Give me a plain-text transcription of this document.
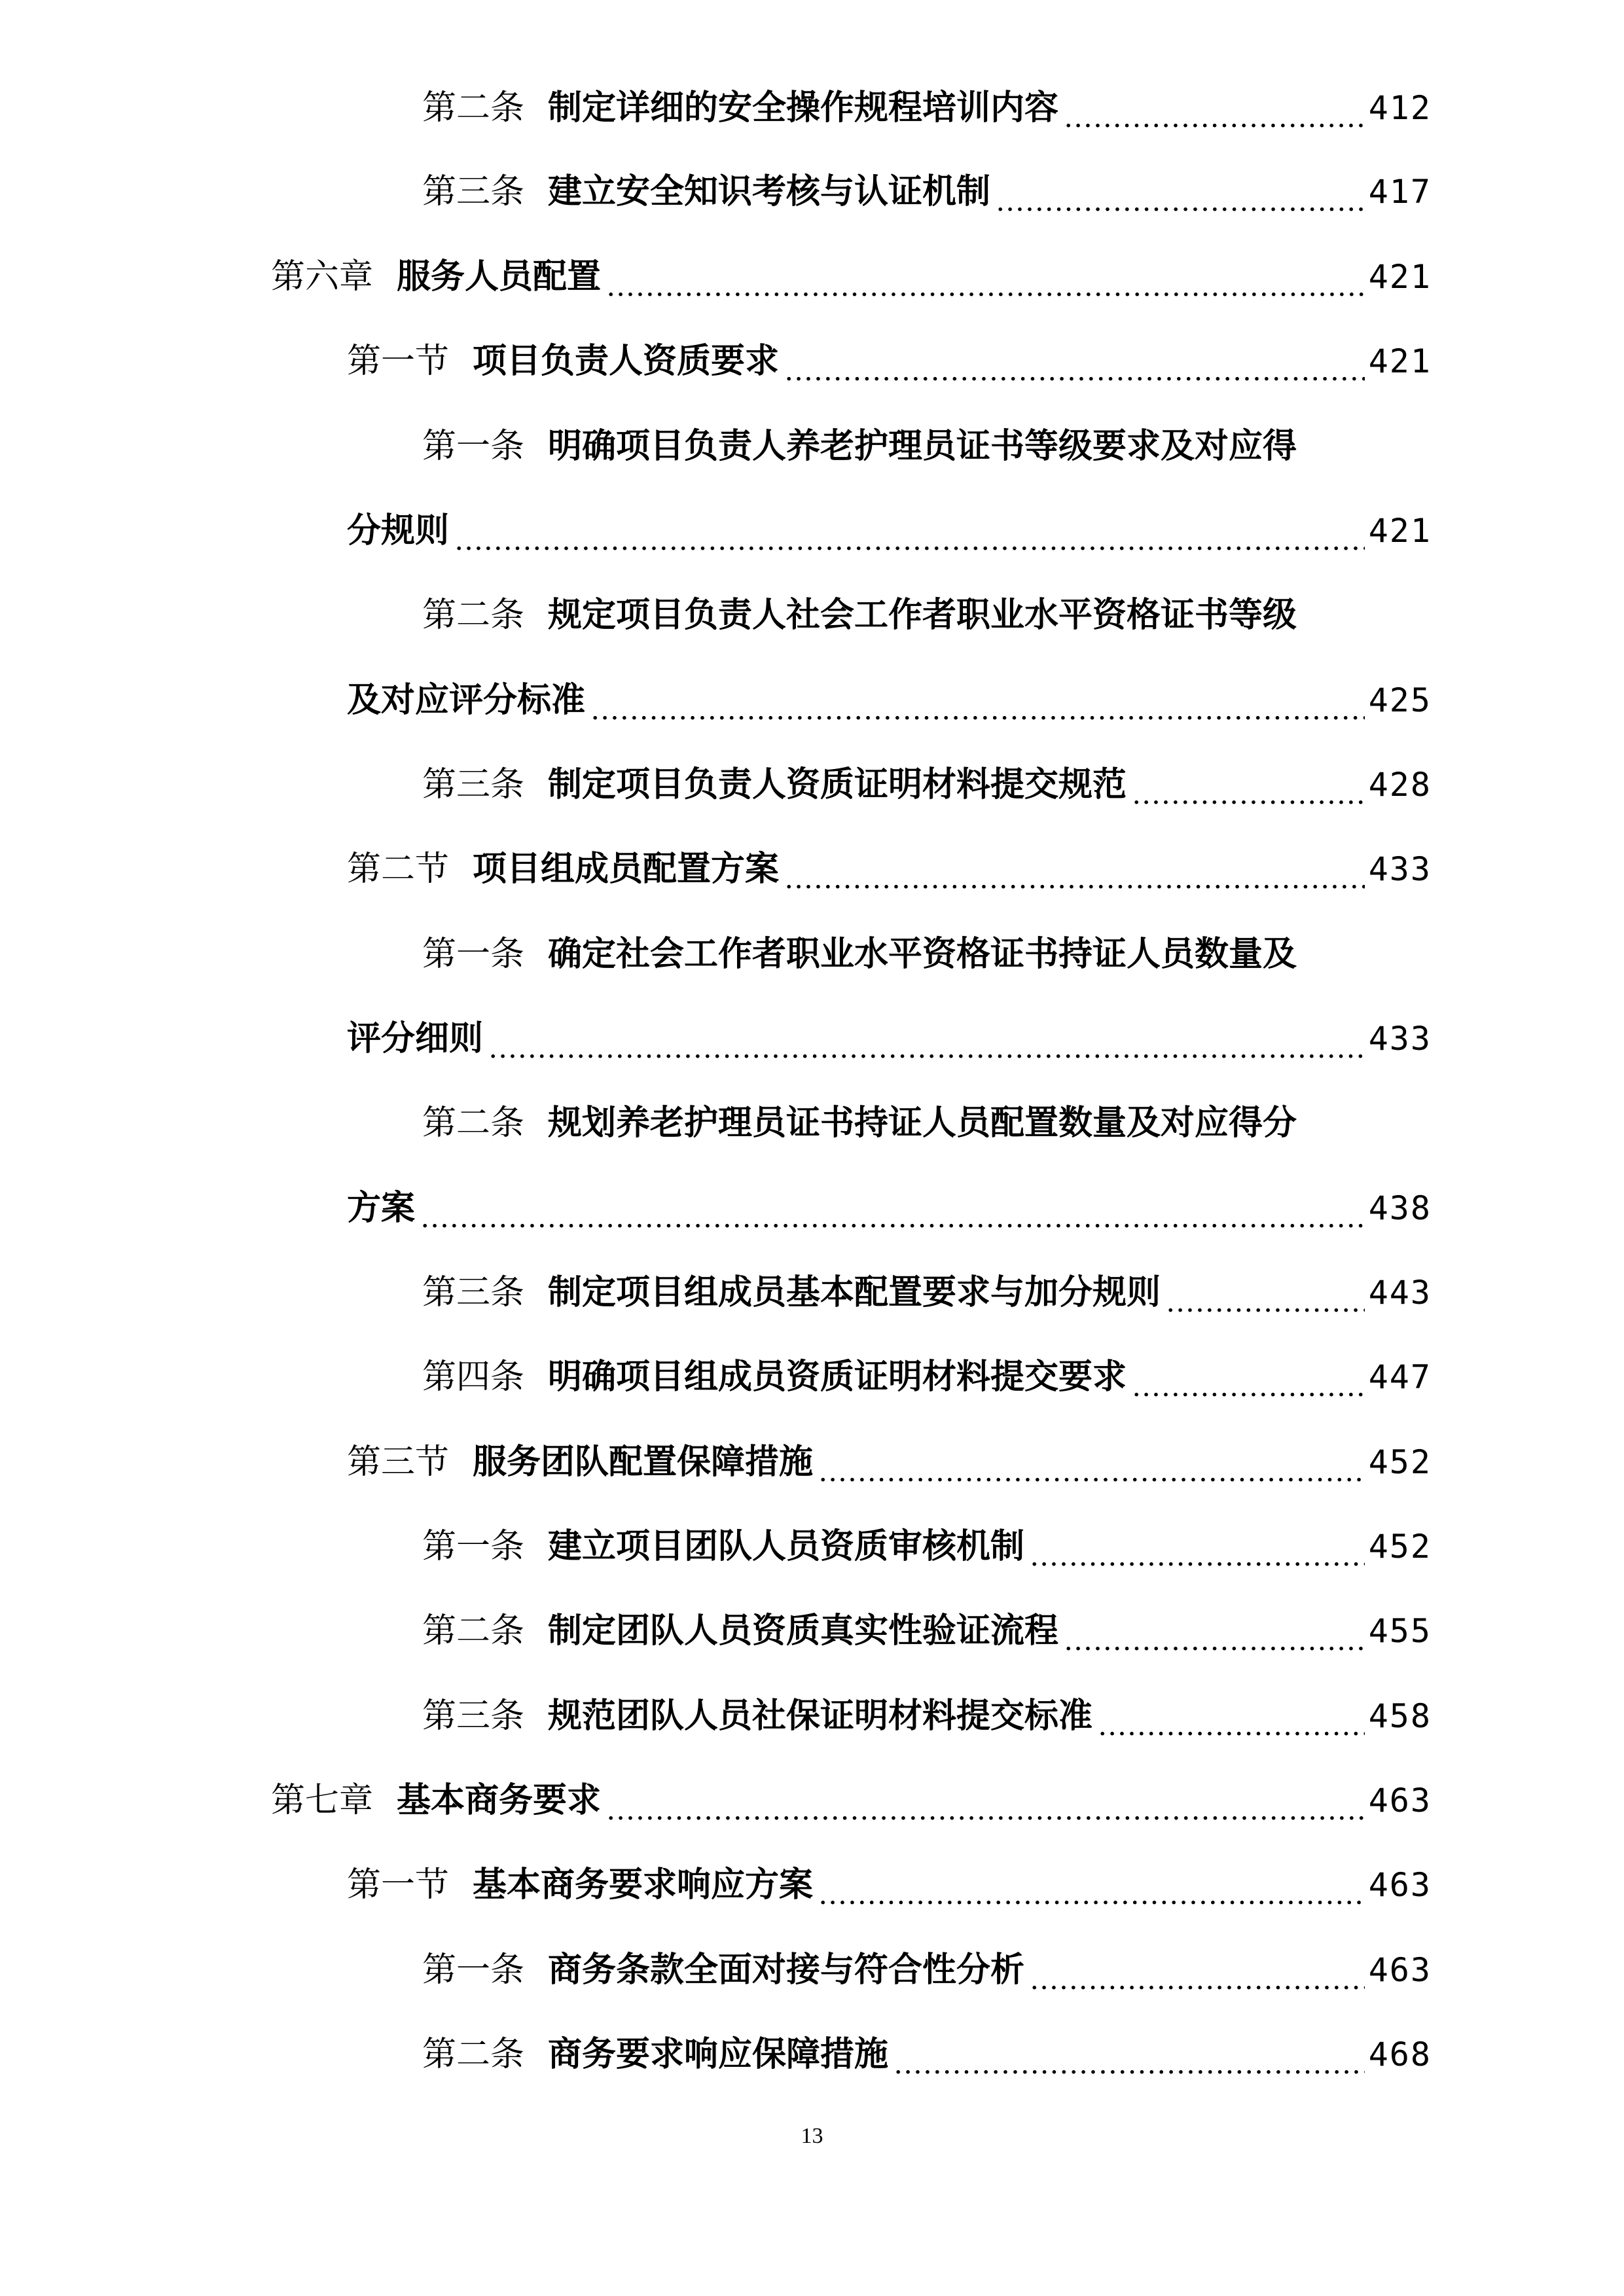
第二条 制定详细的安全操作规程培训内容 . . .	412
第三条 建立安全知识考核与认证机制 . . .	417
第六章 服务人员配置 . . .	421
第一节 项目负责人资质要求 . . .	421
第一条 明确项目负责人养老护理员证书等级要求及对应得
分规则 . . .	421
第二条 规定项目负责人社会工作者职业水平资格证书等级
及对应评分标准 . . .	425
第三条 制定项目负责人资质证明材料提交规范 . . .	428
第二节 项目组成员配置方案 . . .	433
第一条 确定社会工作者职业水平资格证书持证人员数量及
评分细则 . . .	433
第二条 规划养老护理员证书持证人员配置数量及对应得分
方案 . . .	438
第三条 制定项目组成员基本配置要求与加分规则 . . .	443
第四条 明确项目组成员资质证明材料提交要求 . . .	447
第三节 服务团队配置保障措施 . . .	452
第一条 建立项目团队人员资质审核机制 . . .	452
第二条 制定团队人员资质真实性验证流程 . . .	455
第三条 规范团队人员社保证明材料提交标准 . . .	458
第七章 基本商务要求 . . .	463
第一节 基本商务要求响应方案 . . .	463
第一条 商务条款全面对接与符合性分析 . . .	463
第二条 商务要求响应保障措施 . . .	468
13
